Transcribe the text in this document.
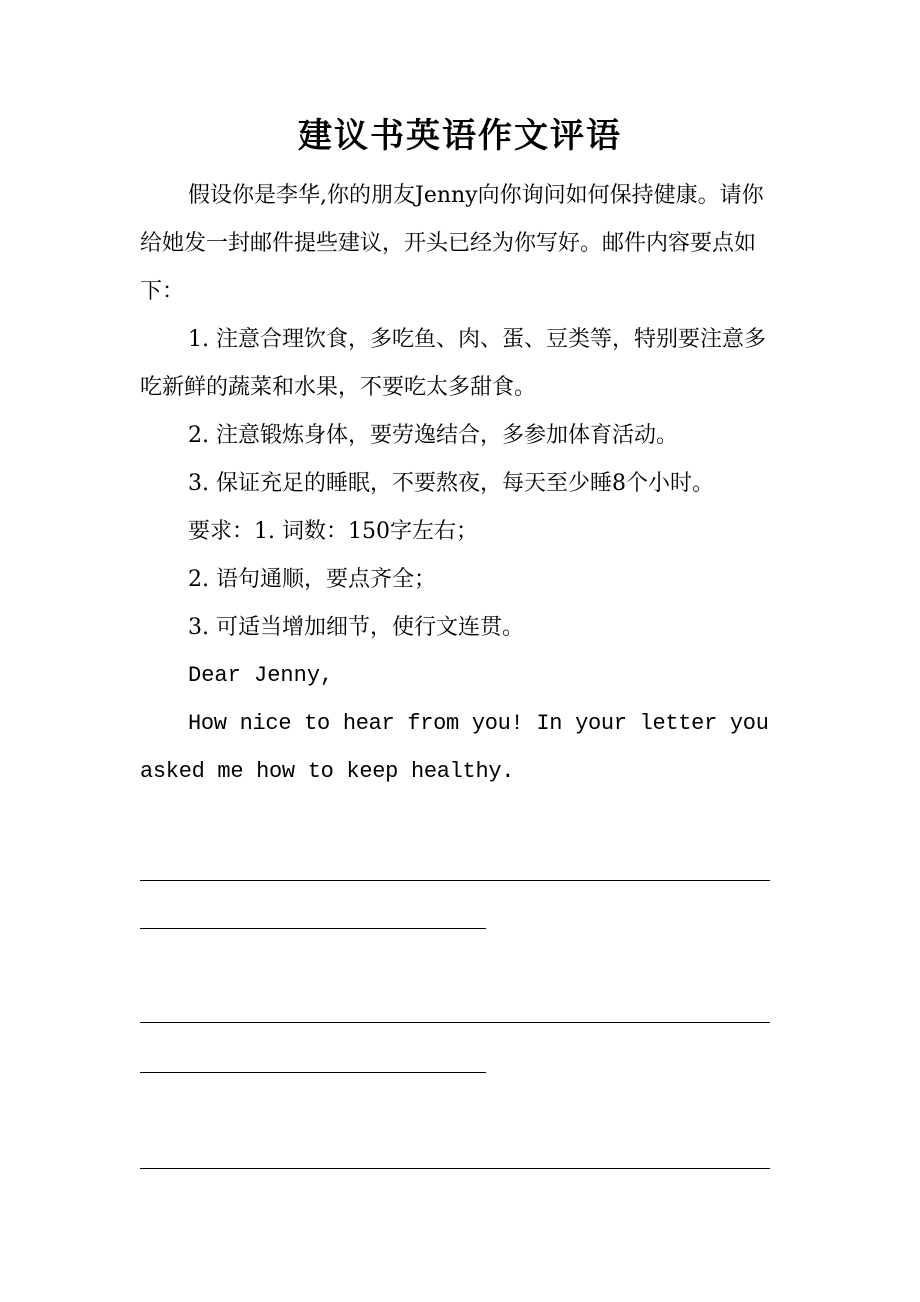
建议书英语作文评语

假设你是李华,你的朋友Jenny向你询问如何保持健康。请你给她发一封邮件提些建议，开头已经为你写好。邮件内容要点如下：

1. 注意合理饮食，多吃鱼、肉、蛋、豆类等，特别要注意多吃新鲜的蔬菜和水果，不要吃太多甜食。

2. 注意锻炼身体，要劳逸结合，多参加体育活动。
3. 保证充足的睡眠，不要熬夜，每天至少睡8个小时。
要求：1. 词数：150字左右；
2. 语句通顺，要点齐全；
3. 可适当增加细节，使行文连贯。
Dear Jenny,

How nice to hear from you! In your letter you asked me how to keep healthy.
